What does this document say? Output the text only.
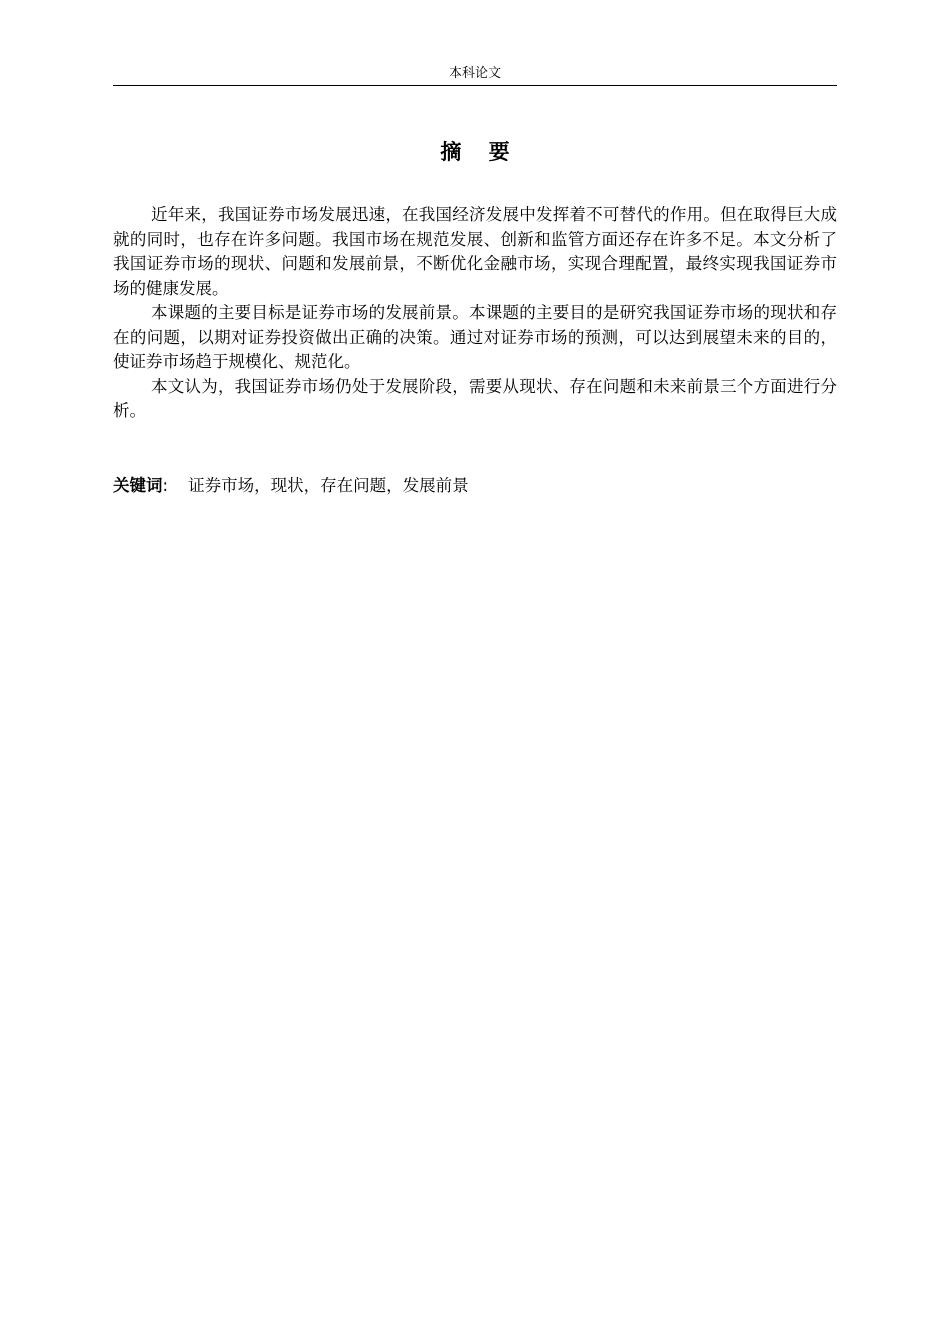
本科论文
摘 要

近年来，我国证券市场发展迅速，在我国经济发展中发挥着不可替代的作用。但在取得巨大成就的同时，也存在许多问题。我国市场在规范发展、创新和监管方面还存在许多不足。本文分析了我国证券市场的现状、问题和发展前景，不断优化金融市场，实现合理配置，最终实现我国证券市场的健康发展。

本课题的主要目标是证券市场的发展前景。本课题的主要目的是研究我国证券市场的现状和存在的问题，以期对证券投资做出正确的决策。通过对证券市场的预测，可以达到展望未来的目的，使证券市场趋于规模化、规范化。

本文认为，我国证券市场仍处于发展阶段，需要从现状、存在问题和未来前景三个方面进行分析。

关键词: 证券市场，现状，存在问题，发展前景
